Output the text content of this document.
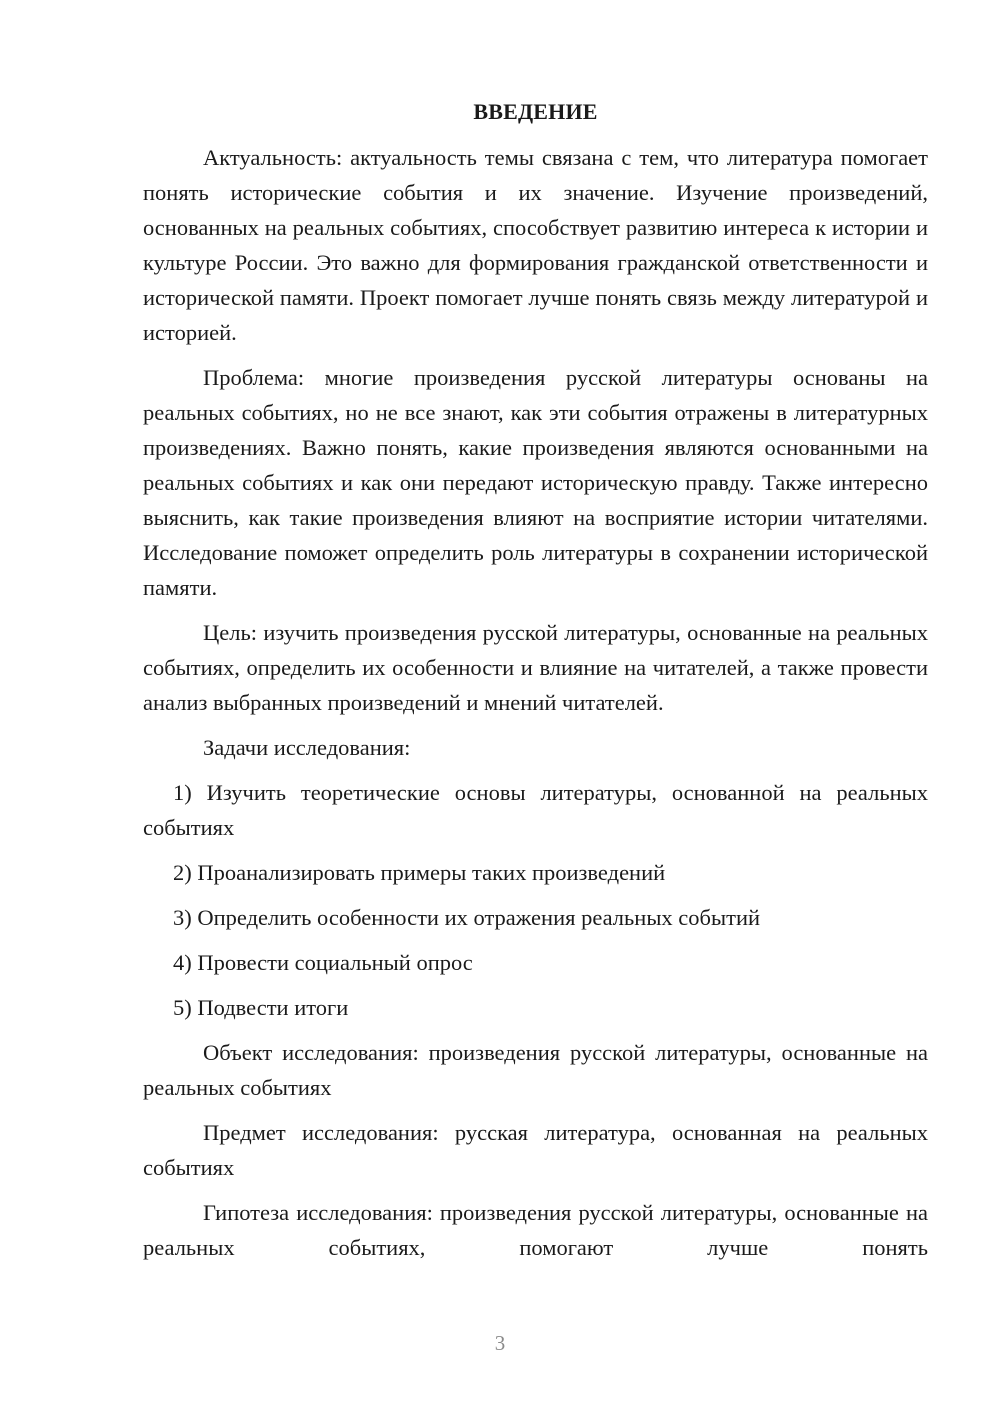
ВВЕДЕНИЕ

Актуальность: актуальность темы связана с тем, что литература помогает понять исторические события и их значение. Изучение произведений, основанных на реальных событиях, способствует развитию интереса к истории и культуре России. Это важно для формирования гражданской ответственности и исторической памяти. Проект помогает лучше понять связь между литературой и историей.

Проблема: многие произведения русской литературы основаны на реальных событиях, но не все знают, как эти события отражены в литературных произведениях. Важно понять, какие произведения являются основанными на реальных событиях и как они передают историческую правду. Также интересно выяснить, как такие произведения влияют на восприятие истории читателями. Исследование поможет определить роль литературы в сохранении исторической памяти.

Цель: изучить произведения русской литературы, основанные на реальных событиях, определить их особенности и влияние на читателей, а также провести анализ выбранных произведений и мнений читателей.

Задачи исследования:

1) Изучить теоретические основы литературы, основанной на реальных событиях

2) Проанализировать примеры таких произведений

3) Определить особенности их отражения реальных событий

4) Провести социальный опрос

5) Подвести итоги

Объект исследования: произведения русской литературы, основанные на реальных событиях

Предмет исследования: русская литература, основанная на реальных событиях

Гипотеза исследования: произведения русской литературы, основанные на реальных событиях, помогают лучше понять

3
